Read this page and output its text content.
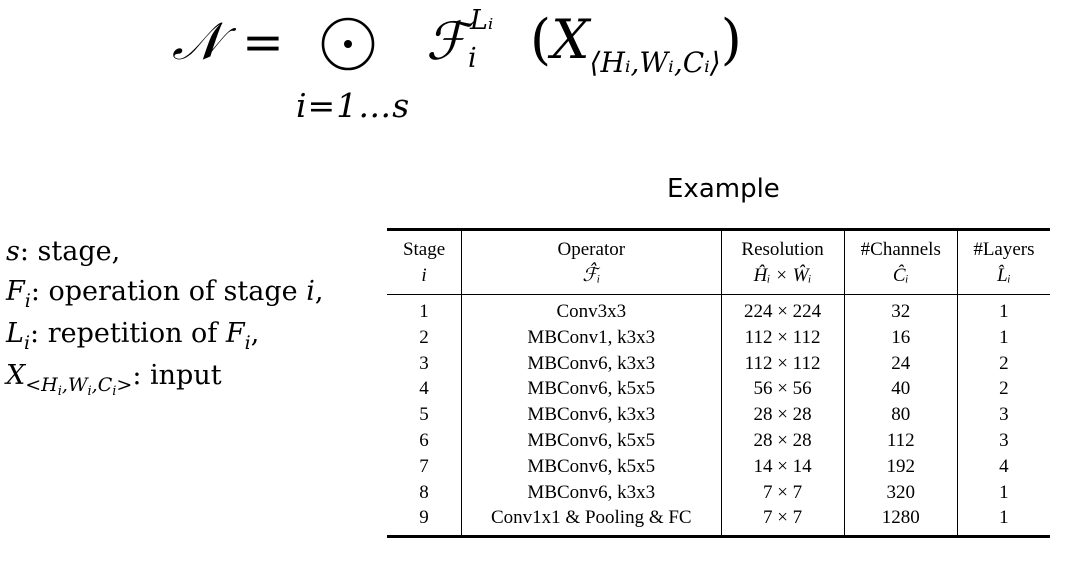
𝒩 =
i=1…s
ℱ Lᵢ
i $(X_{⟨Hᵢ,Wᵢ,Cᵢ⟩})$
s: stage,
$F_i$: operation of stage i,
$L_i$: repetition of $F_i$,
$X_{<H_i,W_i,C_i>}$: input
Example
Stage	Operator	Resolution	#Channels	#Layers
i	ℱ̂ᵢ	Ĥᵢ × Ŵᵢ	Ĉᵢ	L̂ᵢ
1	Conv3x3	224 × 224	32	1
2	MBConv1, k3x3	112 × 112	16	1
3	MBConv6, k3x3	112 × 112	24	2
4	MBConv6, k5x5	56 × 56	40	2
5	MBConv6, k3x3	28 × 28	80	3
6	MBConv6, k5x5	28 × 28	112	3
7	MBConv6, k5x5	14 × 14	192	4
8	MBConv6, k3x3	7 × 7	320	1
9	Conv1x1 & Pooling & FC	7 × 7	1280	1
